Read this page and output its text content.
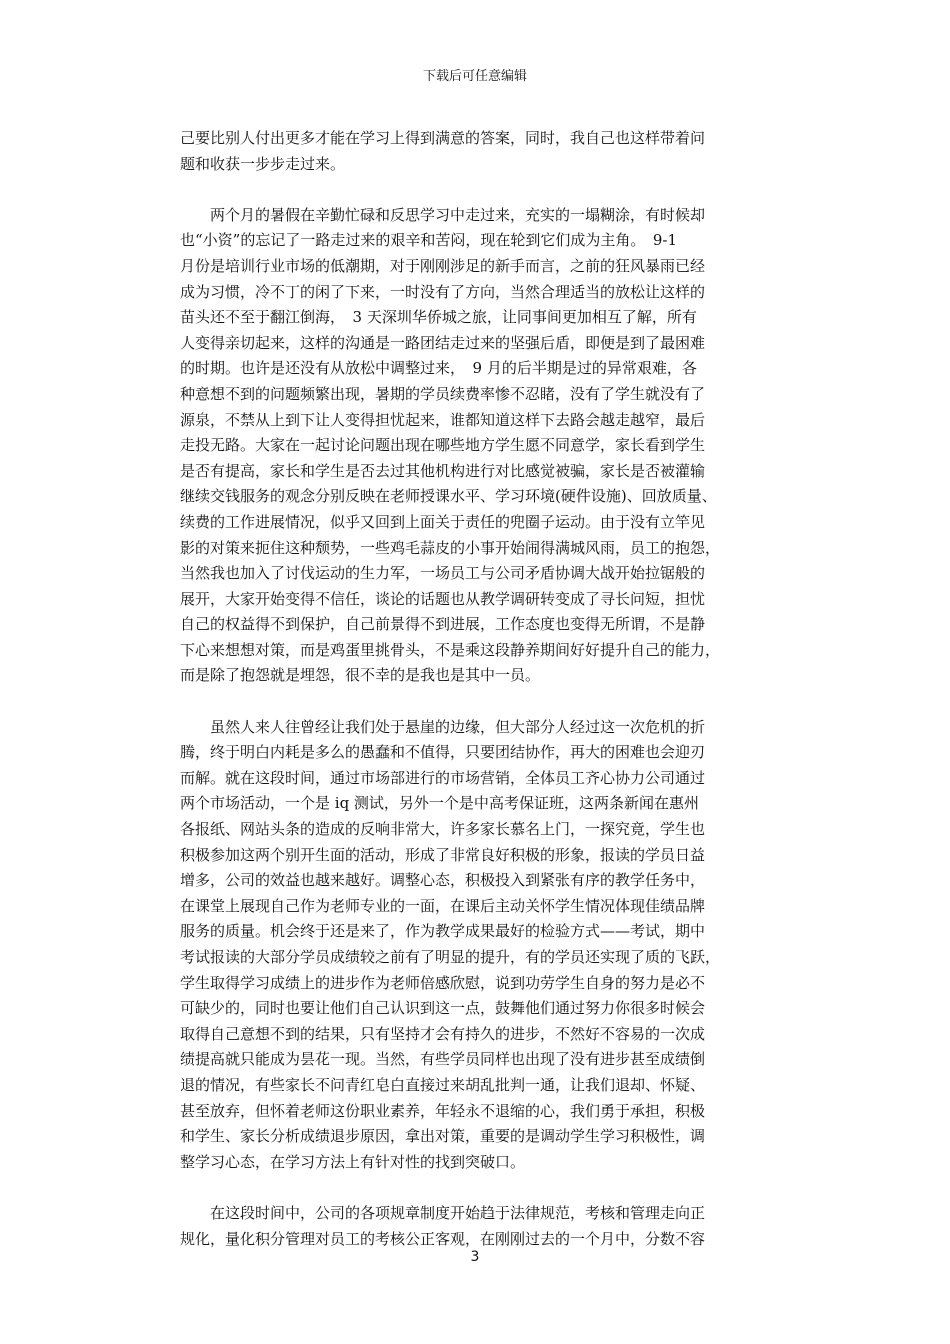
下载后可任意编辑

己要比别人付出更多才能在学习上得到满意的答案，同时，我自己也这样带着问
题和收获一步步走过来。

　　两个月的暑假在辛勤忙碌和反思学习中走过来，充实的一塌糊涂，有时候却
也“小资”的忘记了一路走过来的艰辛和苦闷，现在轮到它们成为主角。　9-1
月份是培训行业市场的低潮期，对于刚刚涉足的新手而言，之前的狂风暴雨已经
成为习惯，冷不丁的闲了下来，一时没有了方向，当然合理适当的放松让这样的
苗头还不至于翻江倒海，　3 天深圳华侨城之旅，让同事间更加相互了解，所有
人变得亲切起来，这样的沟通是一路团结走过来的坚强后盾，即便是到了最困难
的时期。也许是还没有从放松中调整过来，　9 月的后半期是过的异常艰难，各
种意想不到的问题频繁出现，暑期的学员续费率惨不忍睹，没有了学生就没有了
源泉，不禁从上到下让人变得担忧起来，谁都知道这样下去路会越走越窄，最后
走投无路。大家在一起讨论问题出现在哪些地方学生愿不同意学，家长看到学生
是否有提高，家长和学生是否去过其他机构进行对比感觉被骗，家长是否被灌输
继续交钱服务的观念分别反映在老师授课水平、学习环境(硬件设施)、回放质量、
续费的工作进展情况，似乎又回到上面关于责任的兜圈子运动。由于没有立竿见
影的对策来扼住这种颓势，一些鸡毛蒜皮的小事开始闹得满城风雨，员工的抱怨，
当然我也加入了讨伐运动的生力军，一场员工与公司矛盾协调大战开始拉锯般的
展开，大家开始变得不信任，谈论的话题也从教学调研转变成了寻长问短，担忧
自己的权益得不到保护，自己前景得不到进展，工作态度也变得无所谓，不是静
下心来想想对策，而是鸡蛋里挑骨头，不是乘这段静养期间好好提升自己的能力，
而是除了抱怨就是埋怨，很不幸的是我也是其中一员。

　　虽然人来人往曾经让我们处于悬崖的边缘，但大部分人经过这一次危机的折
腾，终于明白内耗是多么的愚蠢和不值得，只要团结协作，再大的困难也会迎刃
而解。就在这段时间，通过市场部进行的市场营销，全体员工齐心协力公司通过
两个市场活动，一个是 iq 测试，另外一个是中高考保证班，这两条新闻在惠州
各报纸、网站头条的造成的反响非常大，许多家长慕名上门，一探究竟，学生也
积极参加这两个别开生面的活动，形成了非常良好积极的形象，报读的学员日益
增多，公司的效益也越来越好。调整心态，积极投入到紧张有序的教学任务中，
在课堂上展现自己作为老师专业的一面，在课后主动关怀学生情况体现佳绩品牌
服务的质量。机会终于还是来了，作为教学成果最好的检验方式——考试，期中
考试报读的大部分学员成绩较之前有了明显的提升，有的学员还实现了质的飞跃，
学生取得学习成绩上的进步作为老师倍感欣慰，说到功劳学生自身的努力是必不
可缺少的，同时也要让他们自己认识到这一点，鼓舞他们通过努力你很多时候会
取得自己意想不到的结果，只有坚持才会有持久的进步，不然好不容易的一次成
绩提高就只能成为昙花一现。当然，有些学员同样也出现了没有进步甚至成绩倒
退的情况，有些家长不问青红皂白直接过来胡乱批判一通，让我们退却、怀疑、
甚至放弃，但怀着老师这份职业素养，年轻永不退缩的心，我们勇于承担，积极
和学生、家长分析成绩退步原因，拿出对策，重要的是调动学生学习积极性，调
整学习心态，在学习方法上有针对性的找到突破口。

　　在这段时间中，公司的各项规章制度开始趋于法律规范，考核和管理走向正
规化，量化积分管理对员工的考核公正客观，在刚刚过去的一个月中，分数不容

3
